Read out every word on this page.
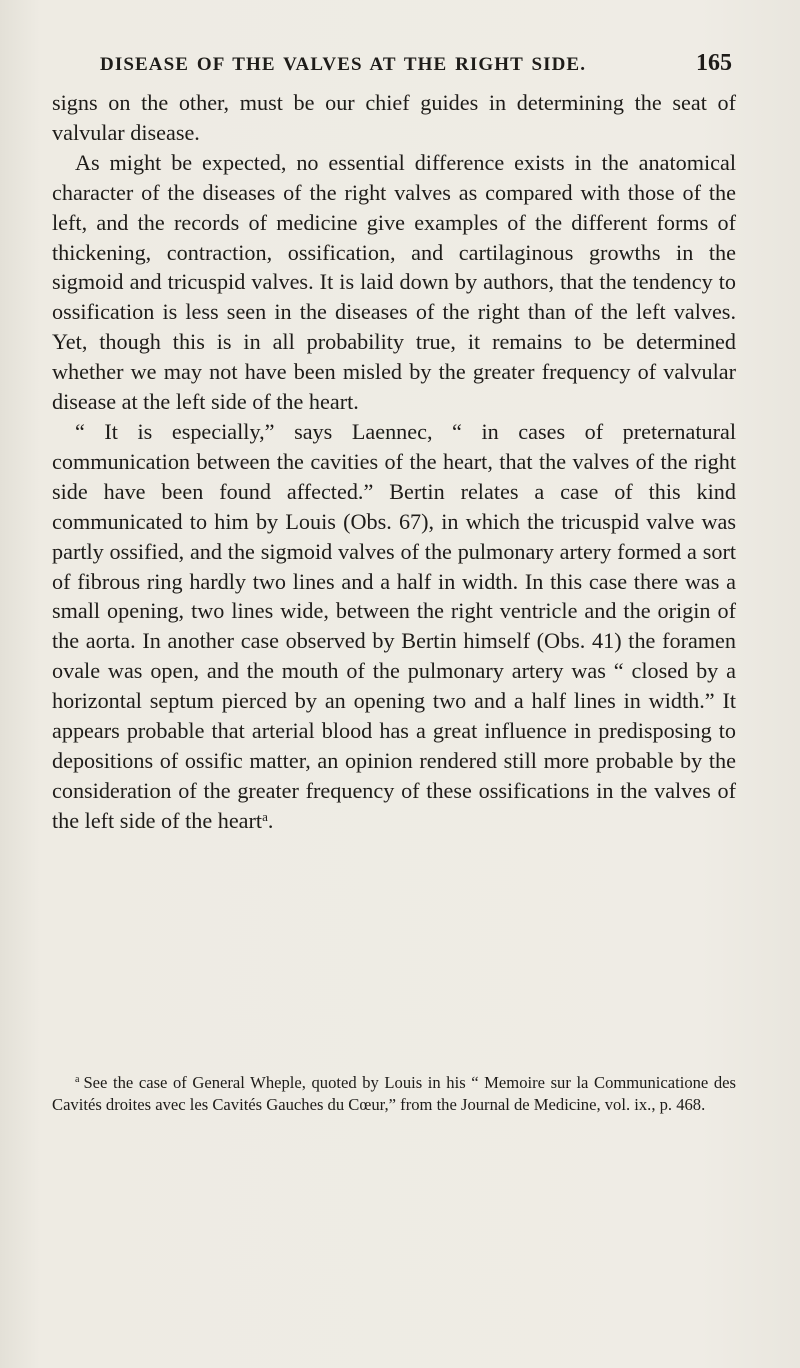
DISEASE OF THE VALVES AT THE RIGHT SIDE.	165

signs on the other, must be our chief guides in determining the seat of valvular disease.

As might be expected, no essential difference exists in the anatomical character of the diseases of the right valves as compared with those of the left, and the records of medicine give examples of the different forms of thickening, contraction, ossification, and cartilaginous growths in the sigmoid and tricuspid valves. It is laid down by authors, that the tendency to ossification is less seen in the diseases of the right than of the left valves. Yet, though this is in all probability true, it remains to be determined whether we may not have been misled by the greater frequency of valvular disease at the left side of the heart.

“ It is especially,” says Laennec, “ in cases of preternatural communication between the cavities of the heart, that the valves of the right side have been found affected.” Bertin relates a case of this kind communicated to him by Louis (Obs. 67), in which the tricuspid valve was partly ossified, and the sigmoid valves of the pulmonary artery formed a sort of fibrous ring hardly two lines and a half in width. In this case there was a small opening, two lines wide, between the right ventricle and the origin of the aorta. In another case observed by Bertin himself (Obs. 41) the foramen ovale was open, and the mouth of the pulmonary artery was “ closed by a horizontal septum pierced by an opening two and a half lines in width.” It appears probable that arterial blood has a great influence in predisposing to depositions of ossific matter, an opinion rendered still more probable by the consideration of the greater frequency of these ossifications in the valves of the left side of the heart$^a$.

$^a$ See the case of General Wheple, quoted by Louis in his “ Memoire sur la Communicatione des Cavités droites avec les Cavités Gauches du Cœur,” from the Journal de Medicine, vol. ix., p. 468.
